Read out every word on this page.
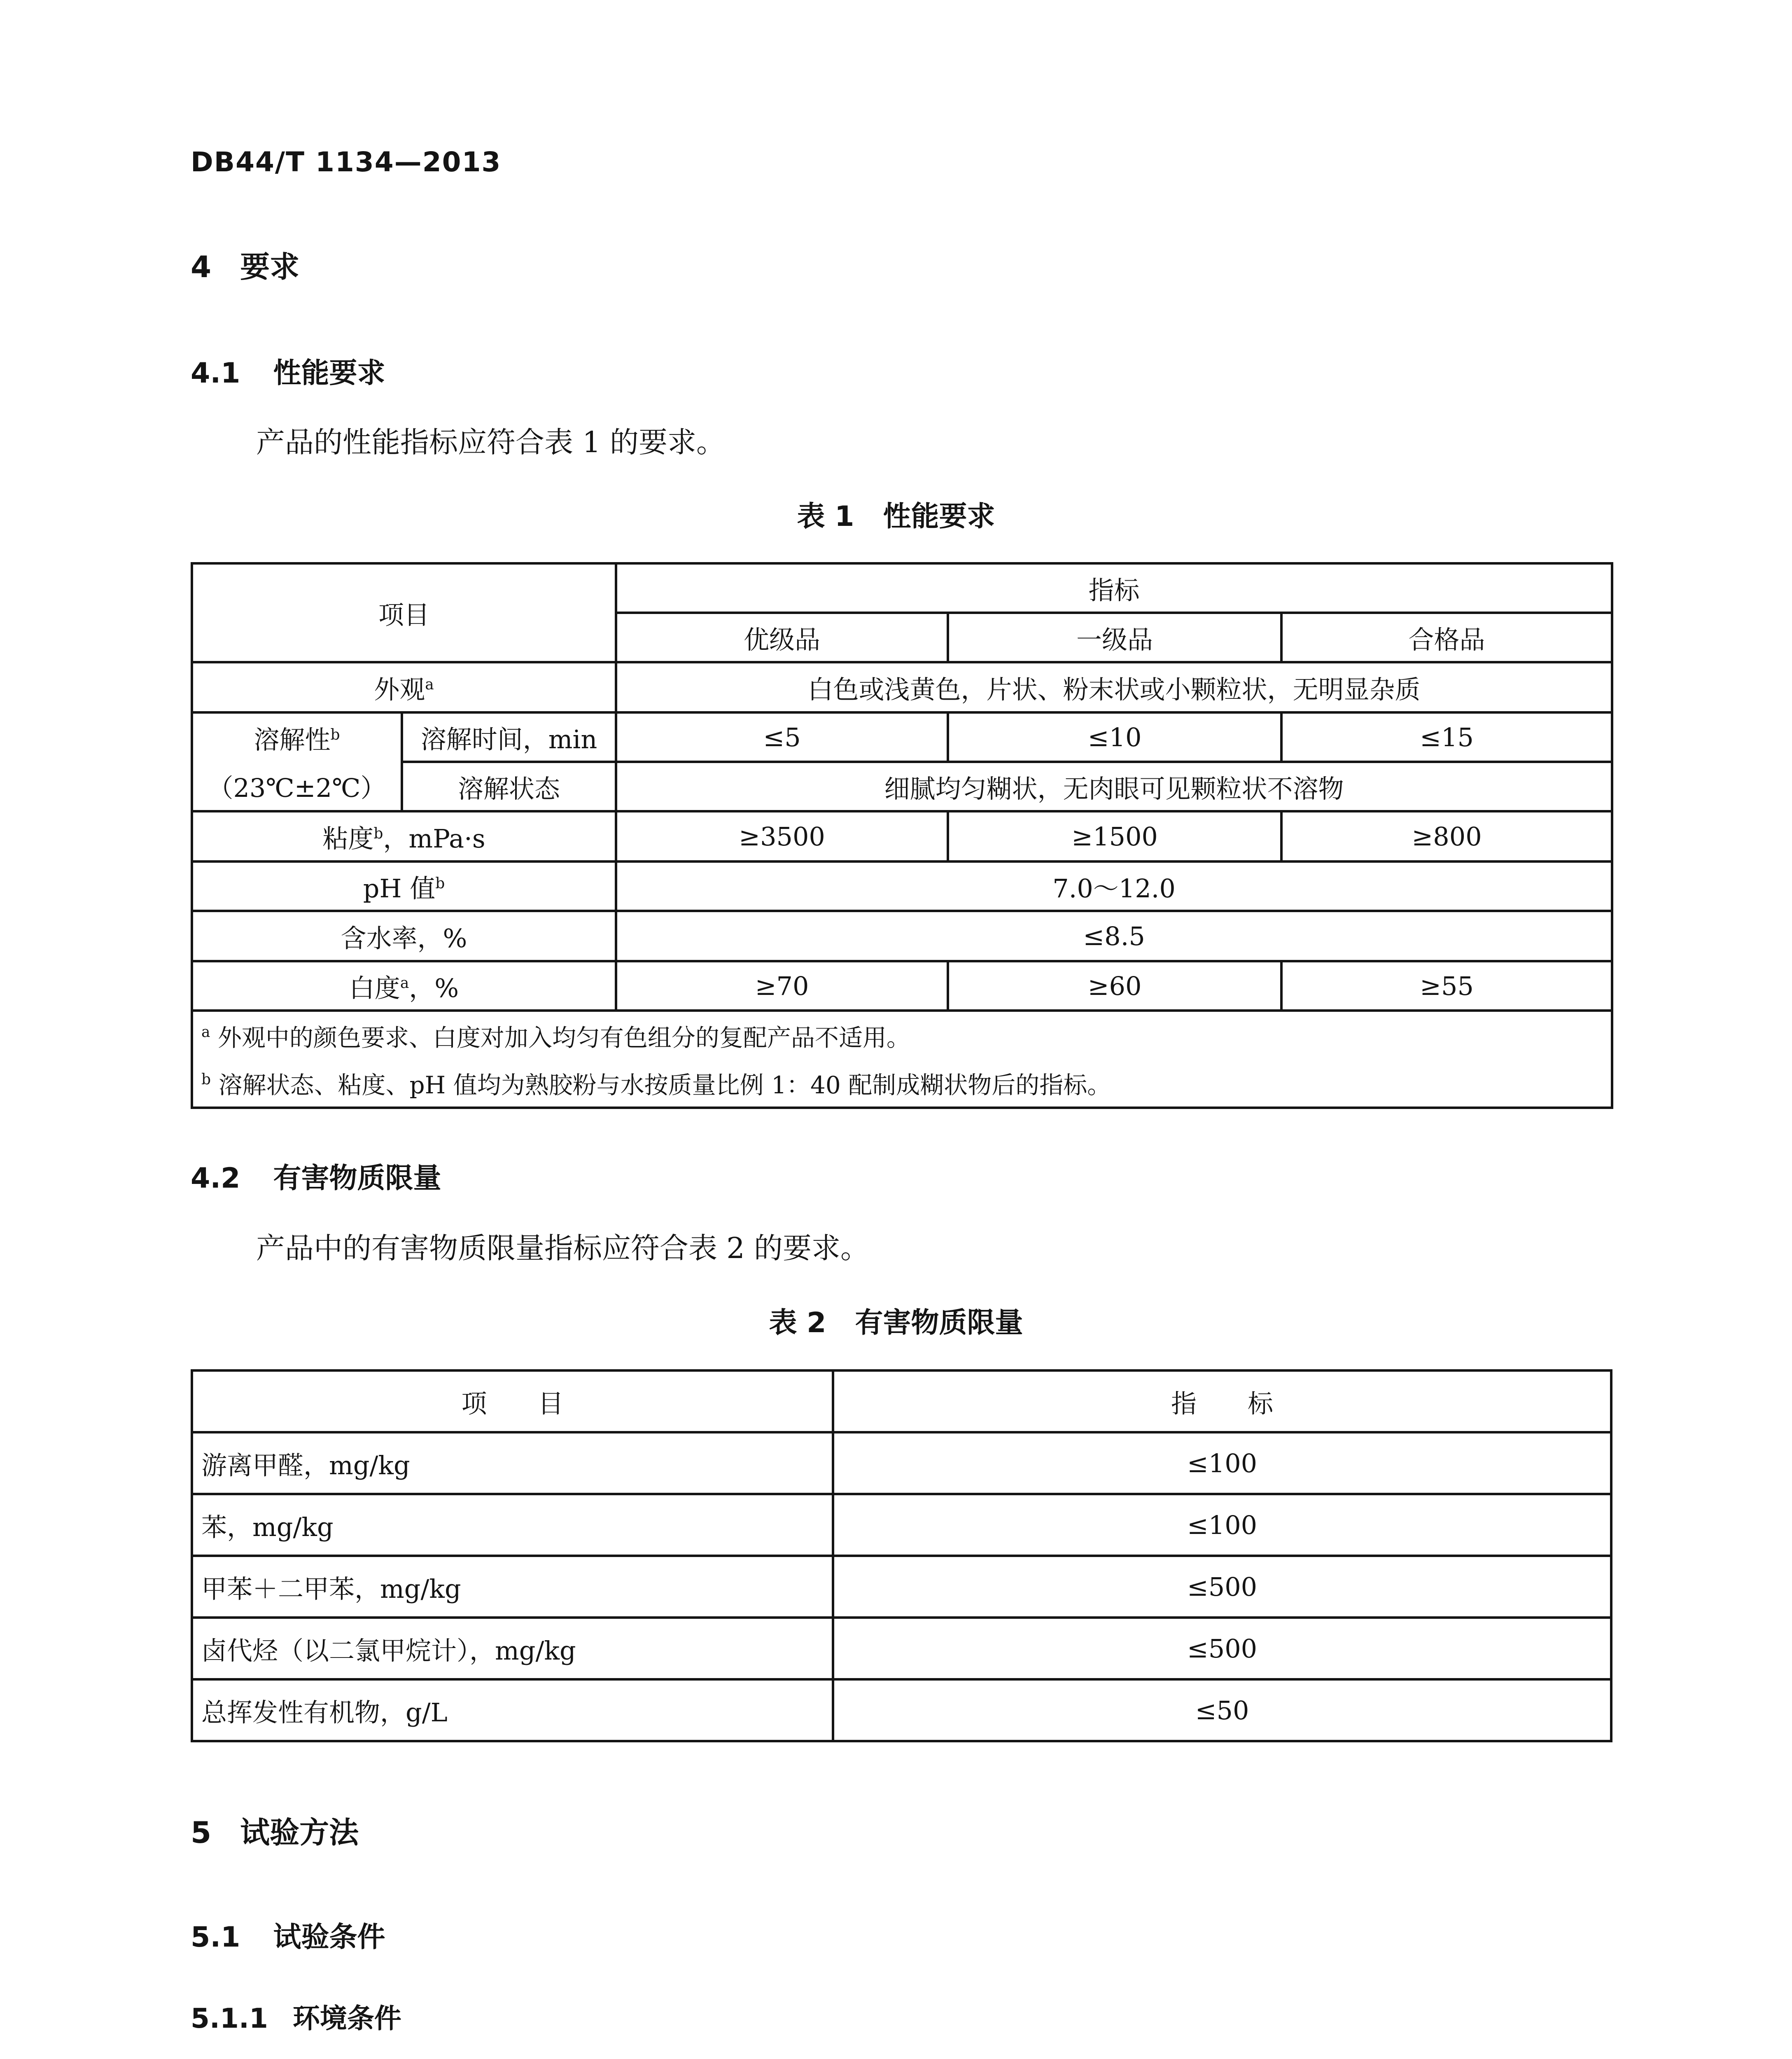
DB44/T 1134—2013
4 要求
4.1 性能要求
产品的性能指标应符合表 1 的要求。
表 1 性能要求
项目		指标		
		优级品	一级品	合格品
外观$^a$		白色或浅黄色，片状、粉末状或小颗粒状，无明显杂质		
溶解性$^b$	溶解时间，min	≤5	≤10	≤15
（23℃±2℃）	溶解状态	细腻均匀糊状，无肉眼可见颗粒状不溶物		
粘度$^b$，mPa·s		≥3500	≥1500	≥800
pH 值$^b$		7.0～12.0		
含水率，%		≤8.5		
白度$^a$，%		≥70	≥60	≥55
$^a$ 外观中的颜色要求、白度对加入均匀有色组分的复配产品不适用。				
$^b$ 溶解状态、粘度、pH 值均为熟胶粉与水按质量比例 1：40 配制成糊状物后的指标。				
4.2 有害物质限量
产品中的有害物质限量指标应符合表 2 的要求。
表 2 有害物质限量
项　　目	指　　标
游离甲醛，mg/kg	≤100
苯，mg/kg	≤100
甲苯＋二甲苯，mg/kg	≤500
卤代烃（以二氯甲烷计），mg/kg	≤500
总挥发性有机物，g/L	≤50
5 试验方法
5.1 试验条件
5.1.1 环境条件
